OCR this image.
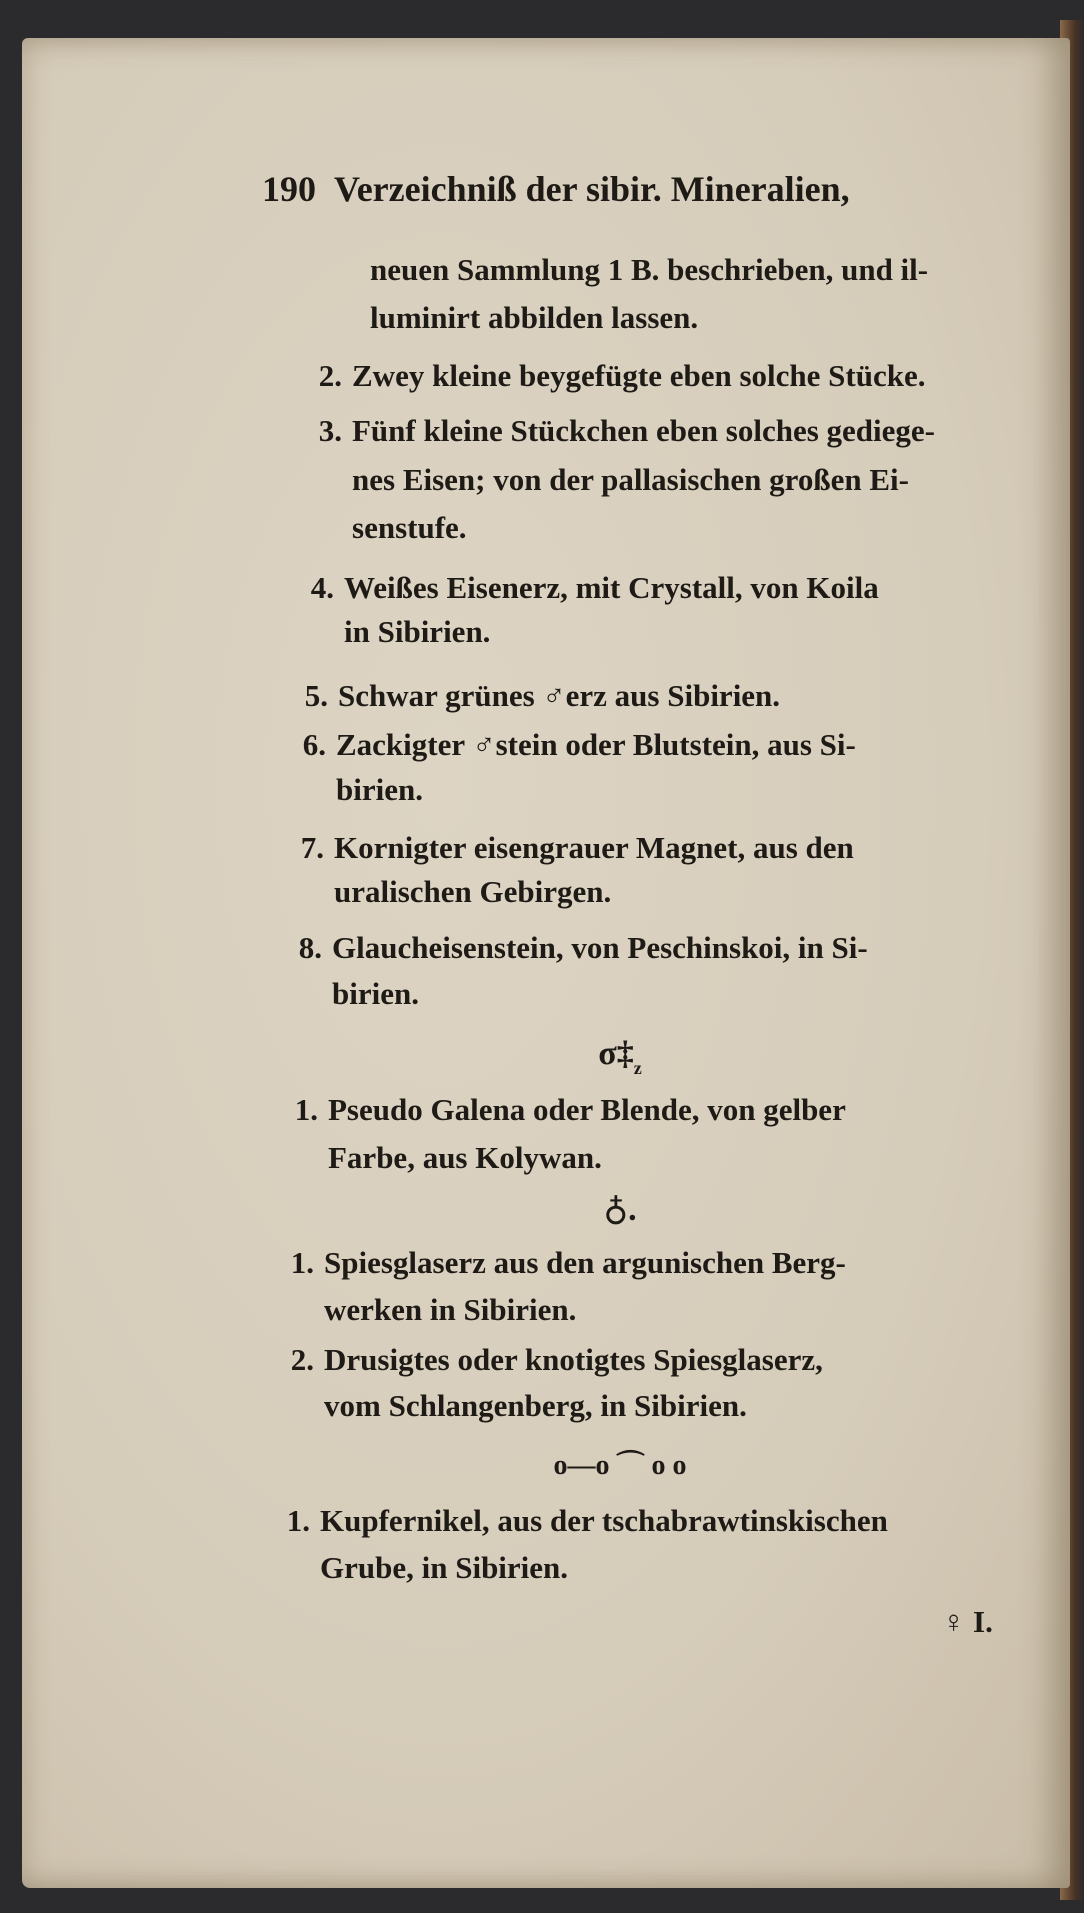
190 Verzeichniß der sibir. Mineralien,
neuen Sammlung 1 B. beschrieben, und il-
luminirt abbilden lassen.
2. Zwey kleine beygefügte eben solche Stücke.
3. Fünf kleine Stückchen eben solches gediege-
nes Eisen; von der pallasischen großen Ei-
senstufe.
4. Weißes Eisenerz, mit Crystall, von Koila
in Sibirien.
5. Schwar grünes ♂erz aus Sibirien.
6. Zackigter ♂stein oder Blutstein, aus Si-
birien.
7. Kornigter eisengrauer Magnet, aus den
uralischen Gebirgen.
8. Glaucheisenstein, von Peschinskoi, in Si-
birien.
$\sigma\ddagger_z$
1. Pseudo Galena oder Blende, von gelber
Farbe, aus Kolywan.
♁.
1. Spiesglaserz aus den argunischen Berg-
werken in Sibirien.
2. Drusigtes oder knotigtes Spiesglaserz,
vom Schlangenberg, in Sibirien.
o—o ⌒ o o
1. Kupfernikel, aus der tschabrawtinskischen
Grube, in Sibirien.
♀ I.
